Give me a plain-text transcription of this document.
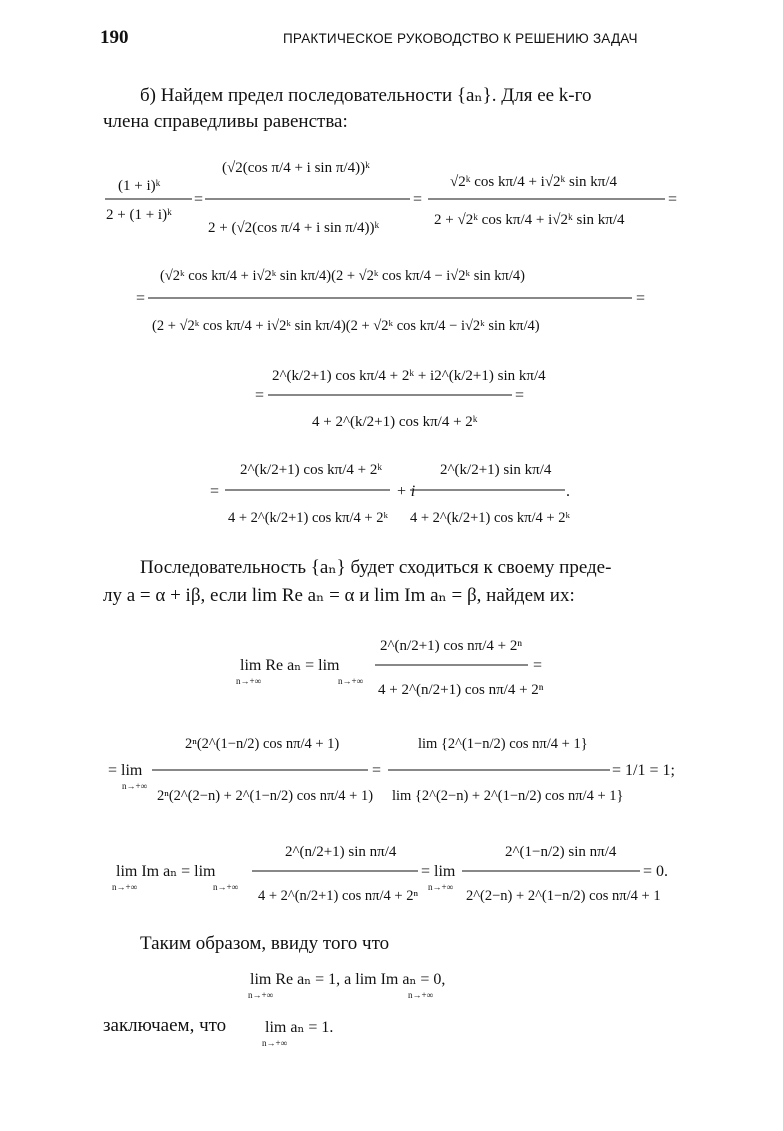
190	ПРАКТИЧЕСКОЕ РУКОВОДСТВО К РЕШЕНИЮ ЗАДАЧ
б) Найдем предел последовательности {aₙ}. Для ее k-го
члена справедливы равенства:
Последовательность {aₙ} будет сходиться к своему преде-
лу a = α + iβ, если lim Re aₙ = α и lim Im aₙ = β, найдем их:
Таким образом, ввиду того что
заключаем, что
(1 + i)ᵏ
2 + (1 + i)ᵏ
=
(√2(cos π/4 + i sin π/4))ᵏ
2 + (√2(cos π/4 + i sin π/4))ᵏ
=
√2ᵏ cos kπ/4 + i√2ᵏ sin kπ/4
2 + √2ᵏ cos kπ/4 + i√2ᵏ sin kπ/4
=
=
(√2ᵏ cos kπ/4 + i√2ᵏ sin kπ/4)(2 + √2ᵏ cos kπ/4 − i√2ᵏ sin kπ/4)
(2 + √2ᵏ cos kπ/4 + i√2ᵏ sin kπ/4)(2 + √2ᵏ cos kπ/4 − i√2ᵏ sin kπ/4)
=
=
2^(k/2+1) cos kπ/4 + 2ᵏ + i2^(k/2+1) sin kπ/4
4 + 2^(k/2+1) cos kπ/4 + 2ᵏ
=
=
2^(k/2+1) cos kπ/4 + 2ᵏ
4 + 2^(k/2+1) cos kπ/4 + 2ᵏ
+ i
2^(k/2+1) sin kπ/4
4 + 2^(k/2+1) cos kπ/4 + 2ᵏ
.
lim Re aₙ = lim
n→+∞	n→+∞
2^(n/2+1) cos nπ/4 + 2ⁿ
4 + 2^(n/2+1) cos nπ/4 + 2ⁿ
=
= lim
n→+∞
2ⁿ(2^(1−n/2) cos nπ/4 + 1)
2ⁿ(2^(2−n) + 2^(1−n/2) cos nπ/4 + 1)
=
lim {2^(1−n/2) cos nπ/4 + 1}
lim {2^(2−n) + 2^(1−n/2) cos nπ/4 + 1}
= 1/1 = 1;
lim Im aₙ = lim
n→+∞	n→+∞
2^(n/2+1) sin nπ/4
4 + 2^(n/2+1) cos nπ/4 + 2ⁿ
= lim
n→+∞
2^(1−n/2) sin nπ/4
2^(2−n) + 2^(1−n/2) cos nπ/4 + 1
= 0.
lim Re aₙ = 1, а lim Im aₙ = 0,
n→+∞	n→+∞
lim aₙ = 1.
n→+∞
